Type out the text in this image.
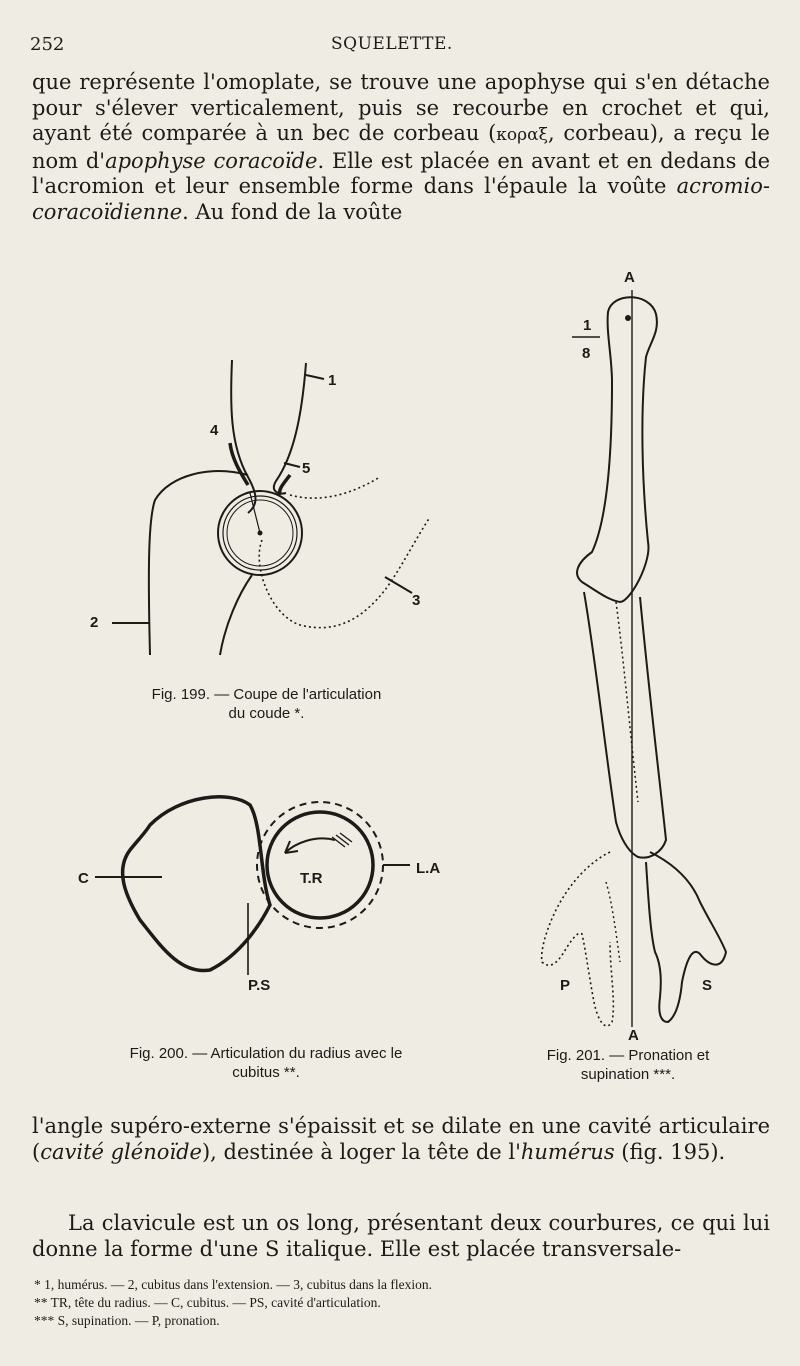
252	SQUELETTE.

que représente l'omoplate, se trouve une apophyse qui s'en détache pour s'élever verticalement, puis se recourbe en crochet et qui, ayant été comparée à un bec de corbeau (κοραξ, corbeau), a reçu le nom d'apophyse coracoïde. Elle est placée en avant et en dedans de l'acromion et leur ensemble forme dans l'épaule la voûte acromio-coracoïdienne. Au fond de la voûte

1
2
3
4
5
Fig. 199. — Coupe de l'articulation
du coude *.
C	T.R
L.A
P.S
Fig. 200. — Articulation du radius avec le
cubitus **.
A
1
8
P	S
A
Fig. 201. — Pronation et
supination ***.

l'angle supéro-externe s'épaissit et se dilate en une cavité articulaire (cavité glénoïde), destinée à loger la tête de l'humérus (fig. 195).

La clavicule est un os long, présentant deux courbures, ce qui lui donne la forme d'une S italique. Elle est placée transversale-

* 1, humérus. — 2, cubitus dans l'extension. — 3, cubitus dans la flexion.
** TR, tête du radius. — C, cubitus. — PS, cavité d'articulation.
*** S, supination. — P, pronation.
